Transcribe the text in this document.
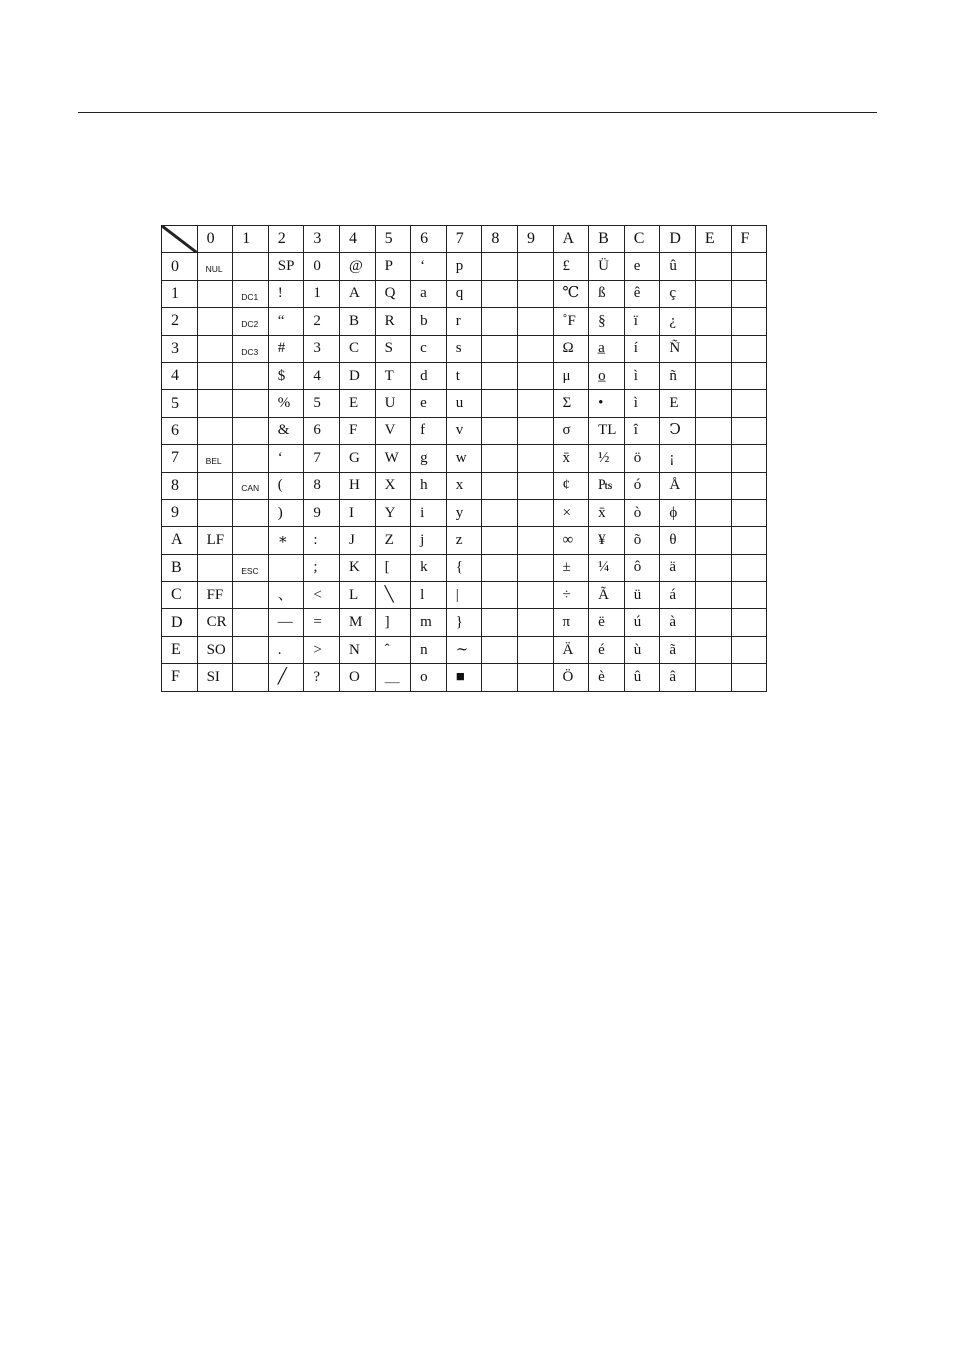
	0	1	2	3	4	5	6	7	8	9	A	B	C	D	E	F
0	NUL		SP	0	@	P	‘	p			£	Ü	e	û		
1		DC1	!	1	A	Q	a	q			℃	ß	ê	ç		
2		DC2	“	2	B	R	b	r			˚F	§	ï	¿		
3		DC3	#	3	C	S	c	s			Ω	a̲	í	Ñ		
4			$	4	D	T	d	t			μ	o̲	ì	ñ		
5			%	5	E	U	e	u			Σ	•	ì	E		
6			&	6	F	V	f	v			σ	TL	î	Ↄ		
7	BEL		‘	7	G	W	g	w			x̄	½	ö	¡		
8		CAN	(	8	H	X	h	x			¢	₧	ó	Å		
9			)	9	I	Y	i	y			×	x̄	ò	ϕ		
A	LF		∗	:	J	Z	j	z			∞	¥	õ	θ		
B		ESC		;	K	[	k	{			±	¼	ô	ä		
C	FF		、	<	L	╲	l	|			÷	Ã	ü	á		
D	CR		—	=	M	]	m	}			π	ë	ú	à		
E	SO		.	>	N	ˆ	n	∼			Ä	é	ù	ã		
F	SI		╱	?	O	＿	o	■			Ö	è	û	â		
